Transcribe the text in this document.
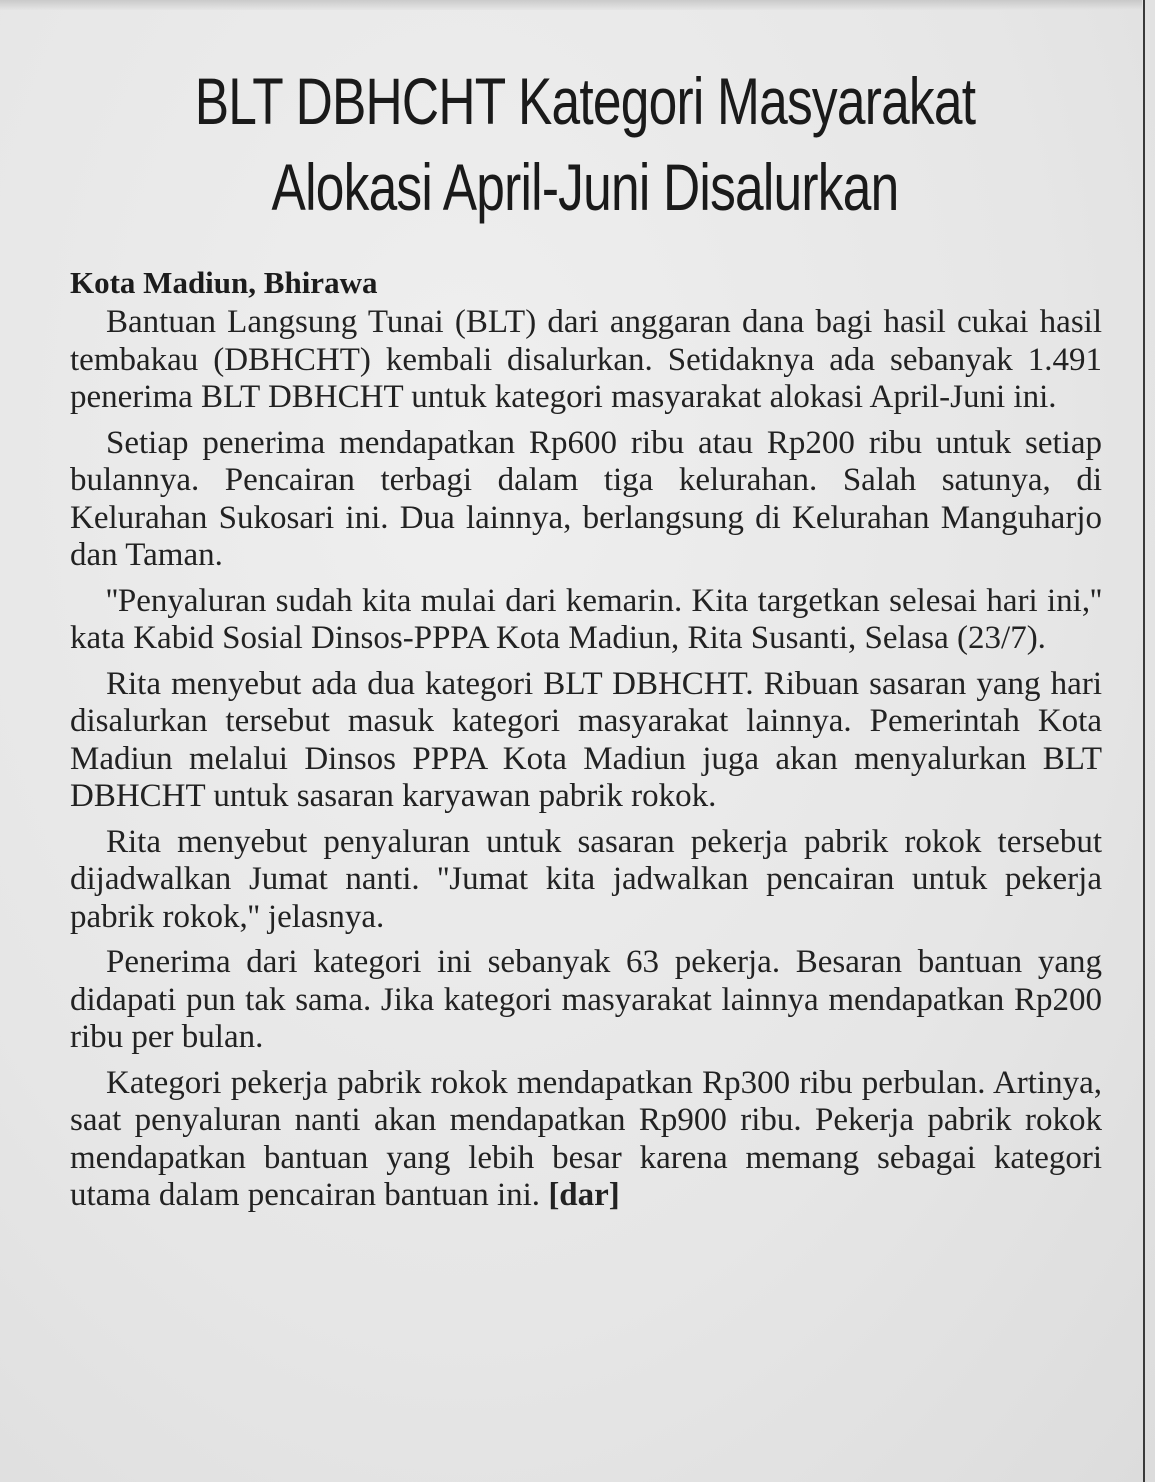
BLT DBHCHT Kategori Masyarakat
Alokasi April-Juni Disalurkan

Kota Madiun, Bhirawa

Bantuan Langsung Tunai (BLT) dari anggaran dana bagi hasil cukai hasil tembakau (DBHCHT) kembali disalurkan. Setidaknya ada sebanyak 1.491 penerima BLT DBHCHT untuk kategori masyarakat alokasi April-Juni ini.

Setiap penerima mendapatkan Rp600 ribu atau Rp200 ribu untuk setiap bulannya. Pencairan terbagi dalam tiga kelurahan. Salah satunya, di Kelurahan Sukosari ini. Dua lainnya, berlangsung di Kelurahan Manguharjo dan Taman.

''Penyaluran sudah kita mulai dari kemarin. Kita targetkan selesai hari ini,'' kata Kabid Sosial Dinsos-PPPA Kota Madiun, Rita Susanti, Selasa (23/7).

Rita menyebut ada dua kategori BLT DBHCHT. Ribuan sasaran yang hari disalurkan tersebut masuk kategori masyarakat lainnya. Pemerintah Kota Madiun melalui Dinsos PPPA Kota Madiun juga akan menyalurkan BLT DBHCHT untuk sasaran karyawan pabrik rokok.

Rita menyebut penyaluran untuk sasaran pekerja pabrik rokok tersebut dijadwalkan Jumat nanti. ''Jumat kita jadwalkan pencairan untuk pekerja pabrik rokok,'' jelasnya.

Penerima dari kategori ini sebanyak 63 pekerja. Besaran bantuan yang didapati pun tak sama. Jika kategori masyarakat lainnya mendapatkan Rp200 ribu per bulan.

Kategori pekerja pabrik rokok mendapatkan Rp300 ribu perbulan. Artinya, saat penyaluran nanti akan mendapatkan Rp900 ribu. Pekerja pabrik rokok mendapatkan bantuan yang lebih besar karena memang sebagai kategori utama dalam pencairan bantuan ini. [dar]
